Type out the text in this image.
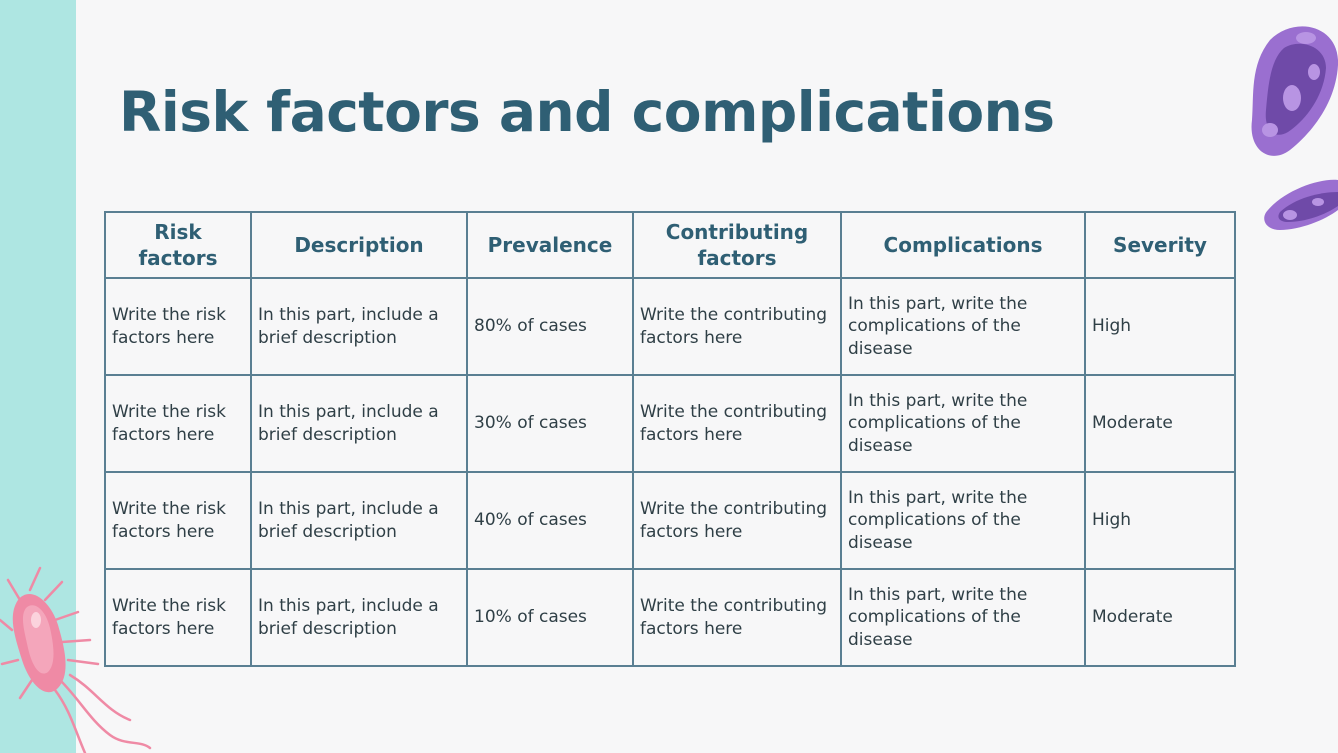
Risk factors and complications
Risk factors	Description	Prevalence	Contributing factors	Complications	Severity
Write the risk factors here	In this part, include a brief description	80% of cases	Write the contributing factors here	In this part, write the complications of the disease	High
Write the risk factors here	In this part, include a brief description	30% of cases	Write the contributing factors here	In this part, write the complications of the disease	Moderate
Write the risk factors here	In this part, include a brief description	40% of cases	Write the contributing factors here	In this part, write the complications of the disease	High
Write the risk factors here	In this part, include a brief description	10% of cases	Write the contributing factors here	In this part, write the complications of the disease	Moderate
